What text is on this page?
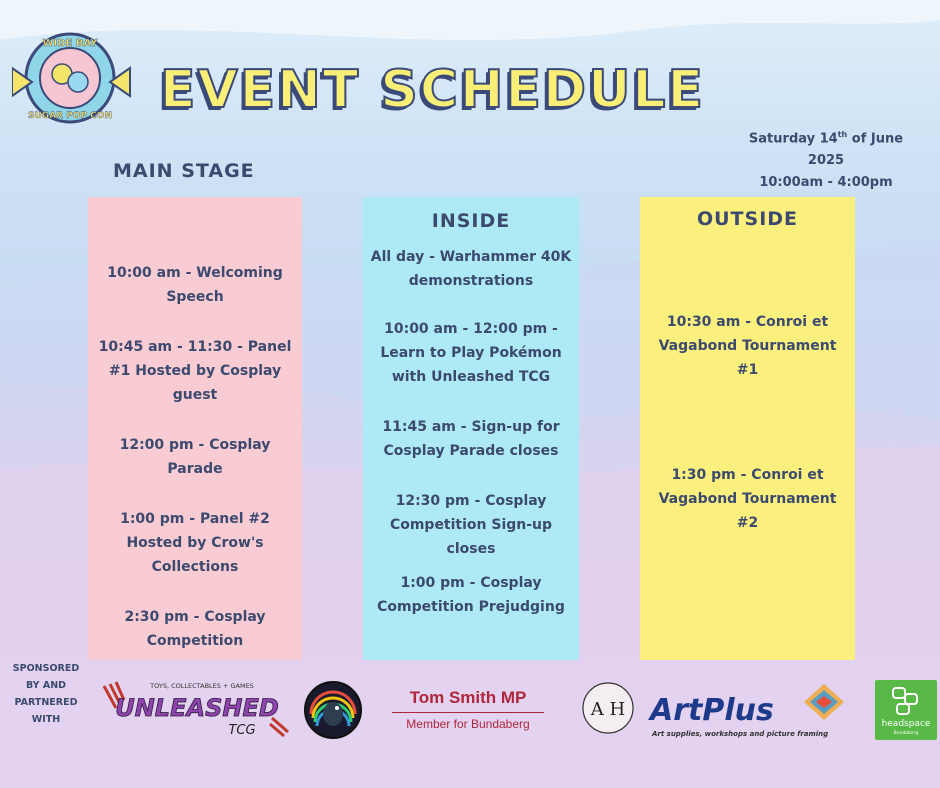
WIDE BAY
SUGAR POP CON EVENT SCHEDULE
Saturday 14th of June
2025
10:00am - 4:00pm
MAIN STAGE
10:00 am - Welcoming Speech
10:45 am - 11:30 - Panel #1 Hosted by Cosplay guest
12:00 pm - Cosplay Parade
1:00 pm - Panel #2 Hosted by Crow's Collections
2:30 pm - Cosplay Competition
INSIDE
All day - Warhammer 40K demonstrations
10:00 am - 12:00 pm - Learn to Play Pokémon with Unleashed TCG
11:45 am - Sign-up for Cosplay Parade closes
12:30 pm - Cosplay Competition Sign-up closes
1:00 pm - Cosplay Competition Prejudging
OUTSIDE
10:30 am - Conroi et Vagabond Tournament #1
1:30 pm - Conroi et Vagabond Tournament #2
SPONSORED BY AND PARTNERED WITH
TOYS, COLLECTABLES + GAMES
UNLEASHED
TCG
Tom Smith MP
Member for Bundaberg
A H ArtPlus
Art supplies, workshops and picture framing
headspace
Bundaberg
